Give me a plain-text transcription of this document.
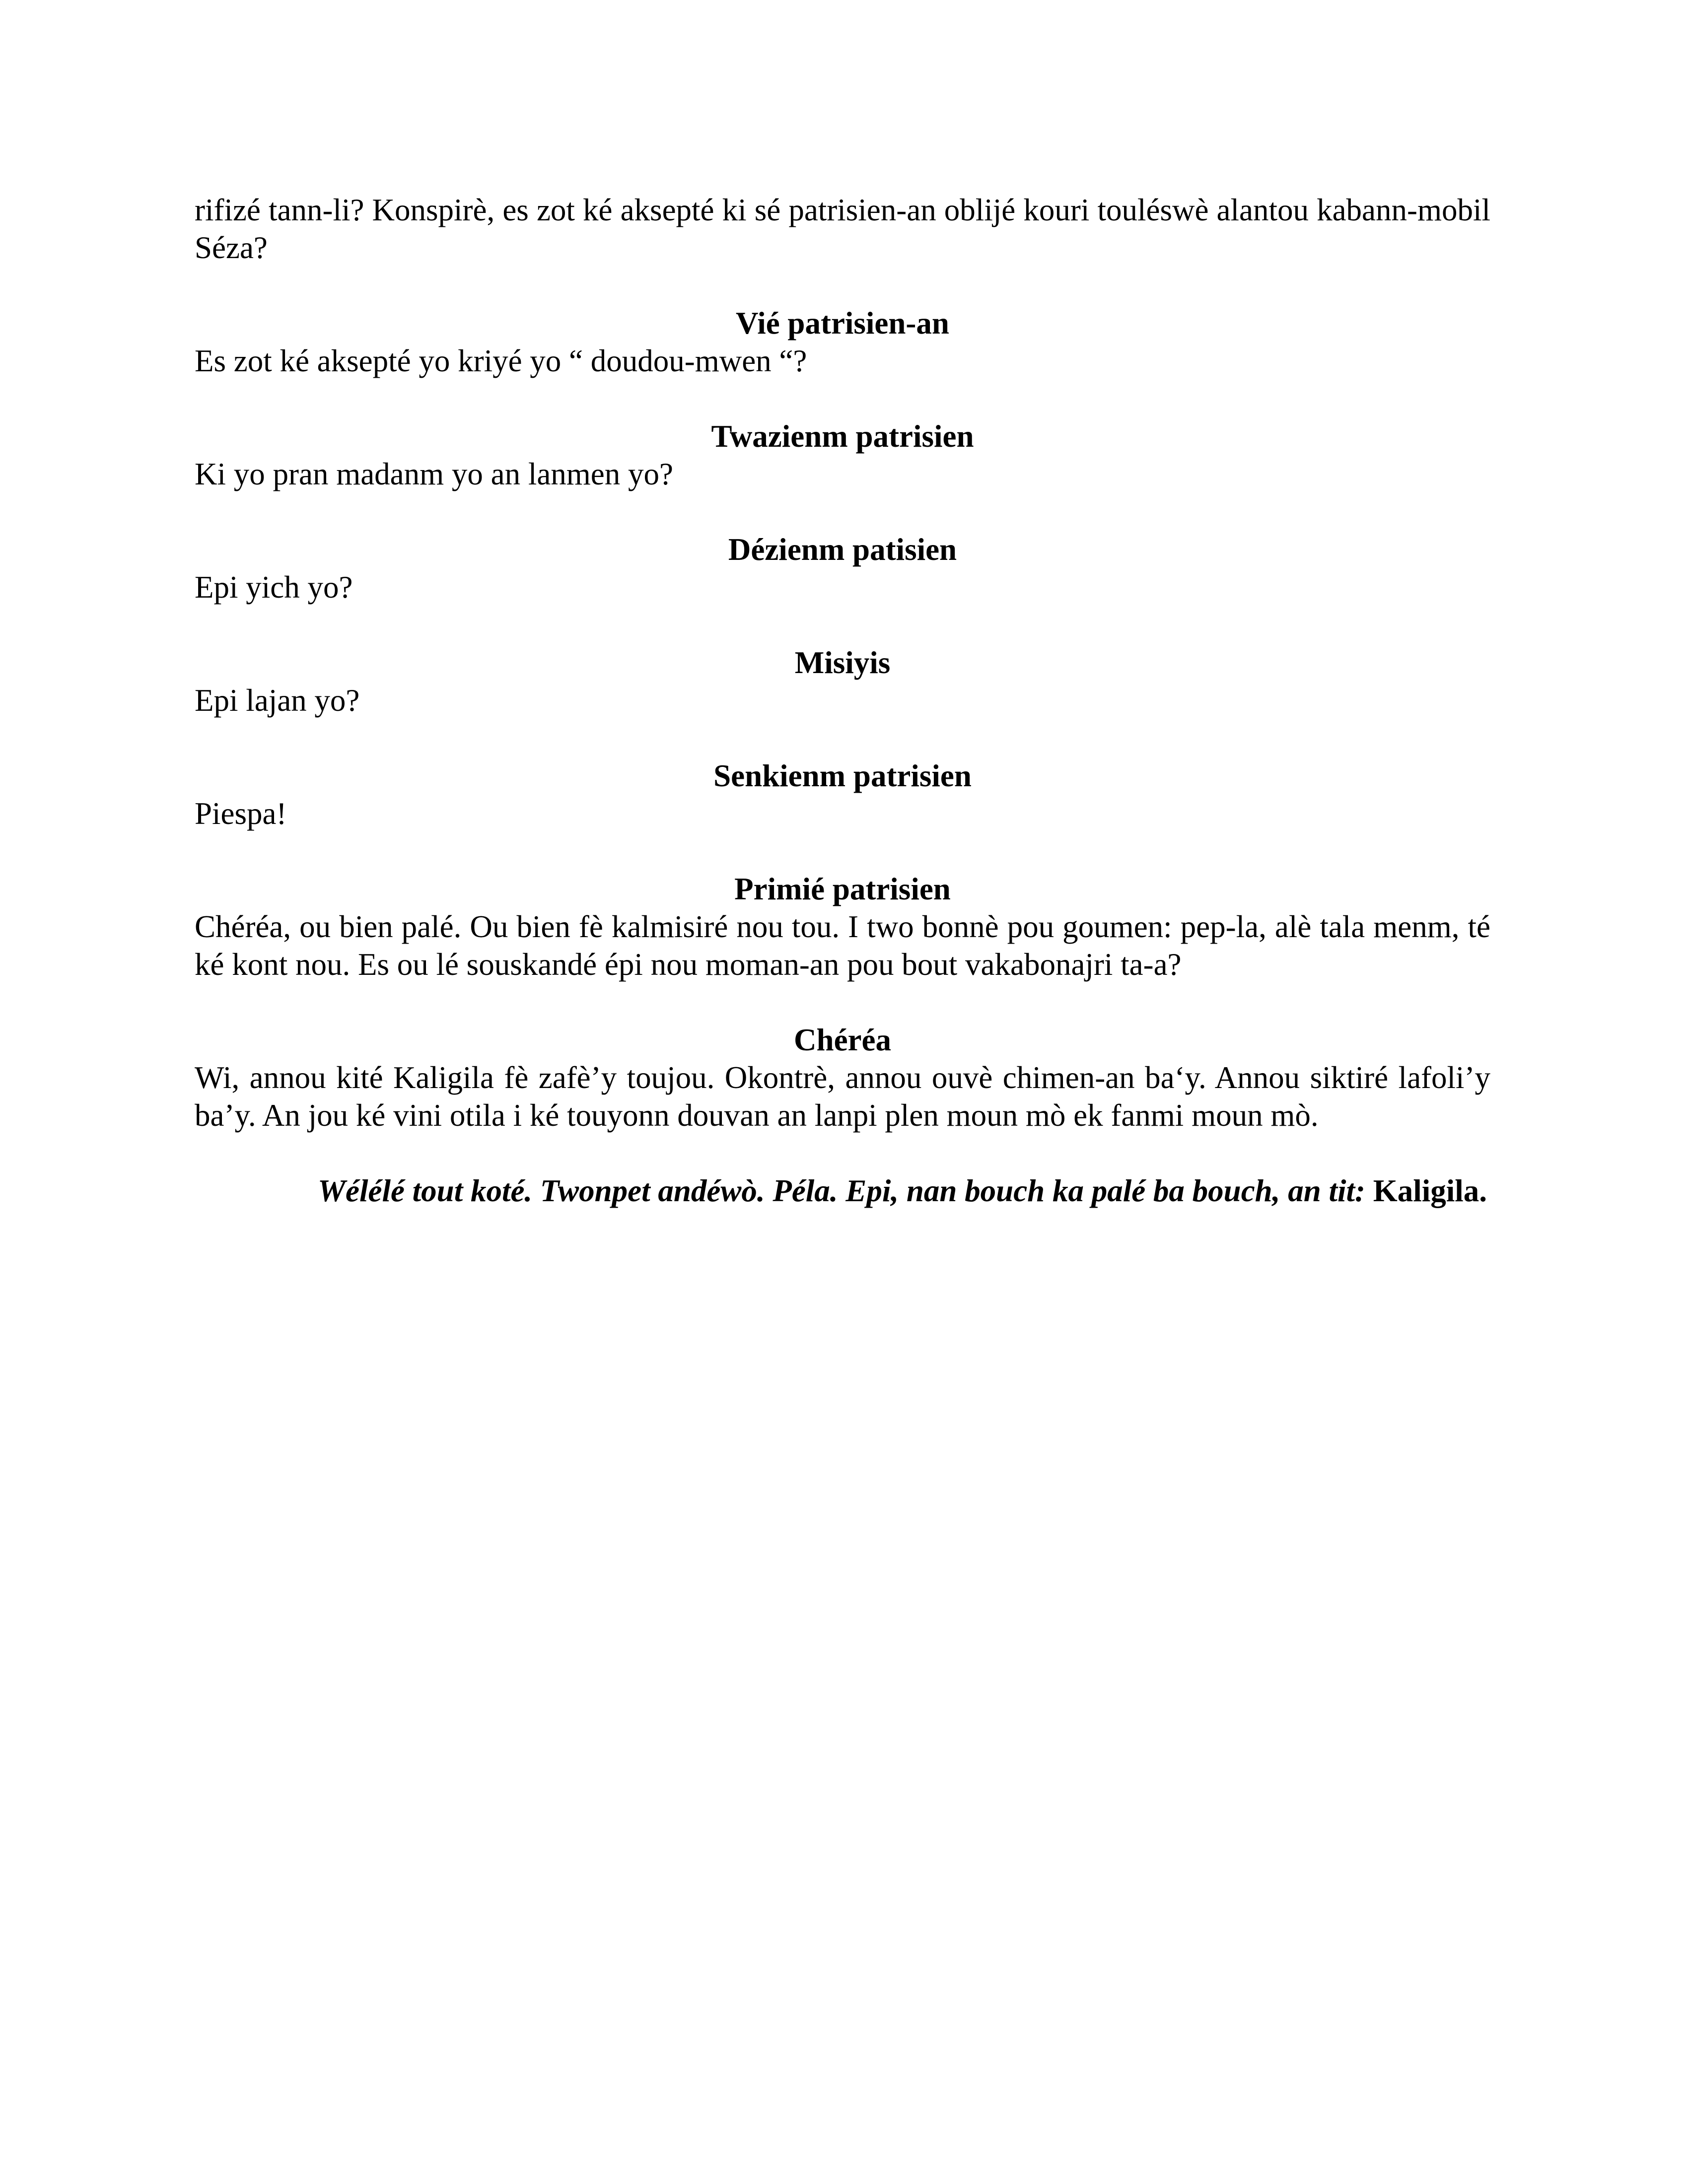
rifizé tann-li? Konspirè, es zot ké aksepté ki sé patrisien-an oblijé kouri touléswè alantou kabann-mobil Séza?

Vié patrisien-an

Es zot ké aksepté yo kriyé yo “ doudou-mwen “?

Twazienm patrisien

Ki yo pran madanm yo an lanmen yo?

Dézienm patisien

Epi yich yo?

Misiyis

Epi lajan yo?

Senkienm patrisien

Piespa!

Primié patrisien

Chéréa, ou bien palé. Ou bien fè kalmisiré nou tou. I two bonnè pou goumen: pep-la, alè tala menm, té ké kont nou. Es ou lé souskandé épi nou moman-an pou bout vakabonajri ta-a?

Chéréa

Wi, annou kité Kaligila fè zafè’y toujou. Okontrè, annou ouvè chimen-an ba‘y. Annou siktiré lafoli’y ba’y. An jou ké vini otila i ké touyonn douvan an lanpi plen moun mò ek fanmi moun mò.

Wélélé tout koté. Twonpet andéwò. Péla. Epi, nan bouch ka palé ba bouch, an tit: Kaligila.
